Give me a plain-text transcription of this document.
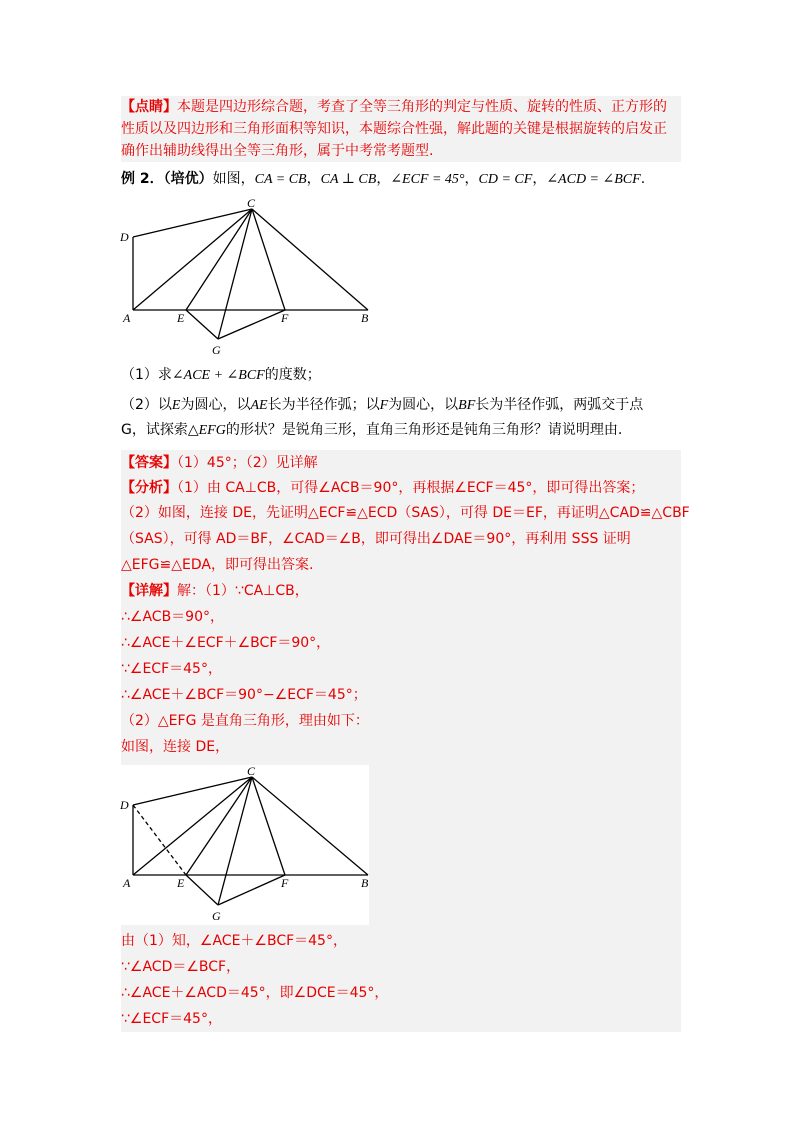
【点睛】本题是四边形综合题，考查了全等三角形的判定与性质、旋转的性质、正方形的
性质以及四边形和三角形面积等知识，本题综合性强，解此题的关键是根据旋转的启发正
确作出辅助线得出全等三角形，属于中考常考题型.
例 2．（培优）如图，CA = CB，CA ⊥ CB，∠ECF = 45°，CD = CF，∠ACD = ∠BCF.
C
D
A	E	F	B
G
（1）求∠ACE + ∠BCF的度数；
（2）以E为圆心，以AE长为半径作弧；以F为圆心，以BF长为半径作弧，两弧交于点
G，试探索△EFG的形状？是锐角三形，直角三角形还是钝角三角形？请说明理由.
【答案】（1）45°；（2）见详解
【分析】（1）由 CA⊥CB，可得∠ACB＝90°，再根据∠ECF＝45°，即可得出答案；
（2）如图，连接 DE，先证明△ECF≌△ECD（SAS），可得 DE＝EF，再证明△CAD≌△CBF
（SAS），可得 AD＝BF，∠CAD＝∠B，即可得出∠DAE＝90°，再利用 SSS 证明
△EFG≌△EDA，即可得出答案.
【详解】解：（1）∵CA⊥CB，
∴∠ACB＝90°，
∴∠ACE＋∠ECF＋∠BCF＝90°，
∵∠ECF＝45°，
∴∠ACE＋∠BCF＝90°−∠ECF＝45°；
（2）△EFG 是直角三角形，理由如下：
如图，连接 DE，
C
D
A	E	F	B
G
由（1）知，∠ACE＋∠BCF＝45°，
∵∠ACD＝∠BCF，
∴∠ACE＋∠ACD＝45°，即∠DCE＝45°，
∵∠ECF＝45°，
